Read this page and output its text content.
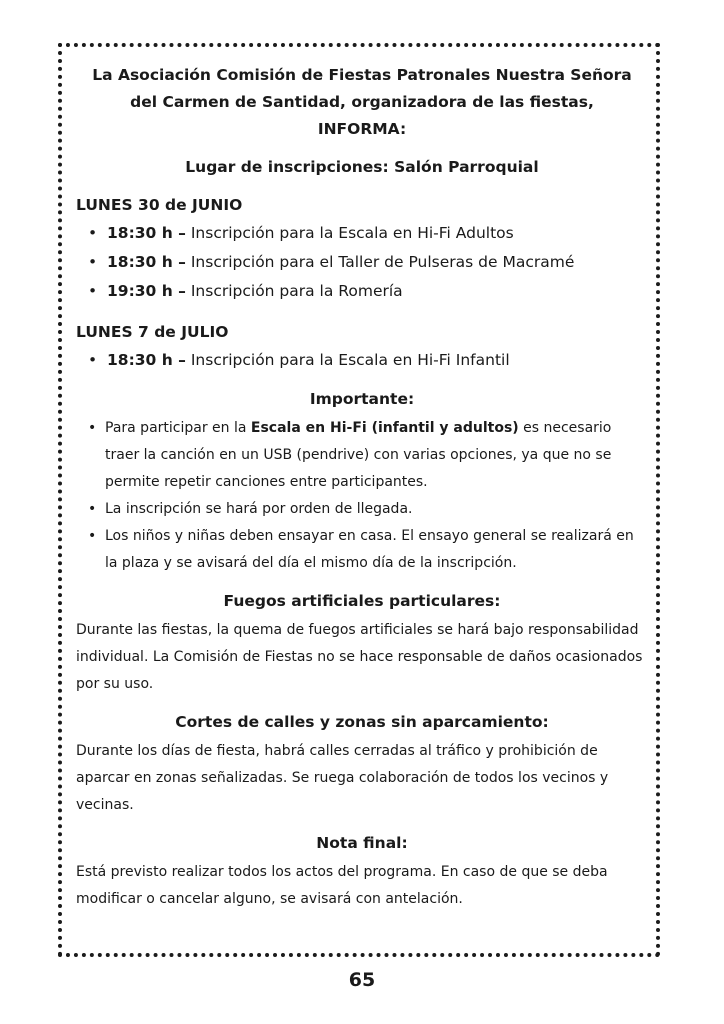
La Asociación Comisión de Fiestas Patronales Nuestra Señora
del Carmen de Santidad, organizadora de las fiestas,
INFORMA:

Lugar de inscripciones: Salón Parroquial

LUNES 30 de JUNIO
• 18:30 h – Inscripción para la Escala en Hi-Fi Adultos
• 18:30 h – Inscripción para el Taller de Pulseras de Macramé
• 19:30 h – Inscripción para la Romería
LUNES 7 de JULIO
• 18:30 h – Inscripción para la Escala en Hi-Fi Infantil
Importante:
• Para participar en la Escala en Hi-Fi (infantil y adultos) es necesario traer la canción en un USB (pendrive) con varias opciones, ya que no se permite repetir canciones entre participantes.
• La inscripción se hará por orden de llegada.
• Los niños y niñas deben ensayar en casa. El ensayo general se realizará en la plaza y se avisará del día el mismo día de la inscripción.
Fuegos artificiales particulares:

Durante las fiestas, la quema de fuegos artificiales se hará bajo responsabilidad individual. La Comisión de Fiestas no se hace responsable de daños ocasionados por su uso.

Cortes de calles y zonas sin aparcamiento:

Durante los días de fiesta, habrá calles cerradas al tráfico y prohibición de aparcar en zonas señalizadas. Se ruega colaboración de todos los vecinos y vecinas.

Nota final:

Está previsto realizar todos los actos del programa. En caso de que se deba modificar o cancelar alguno, se avisará con antelación.

65
